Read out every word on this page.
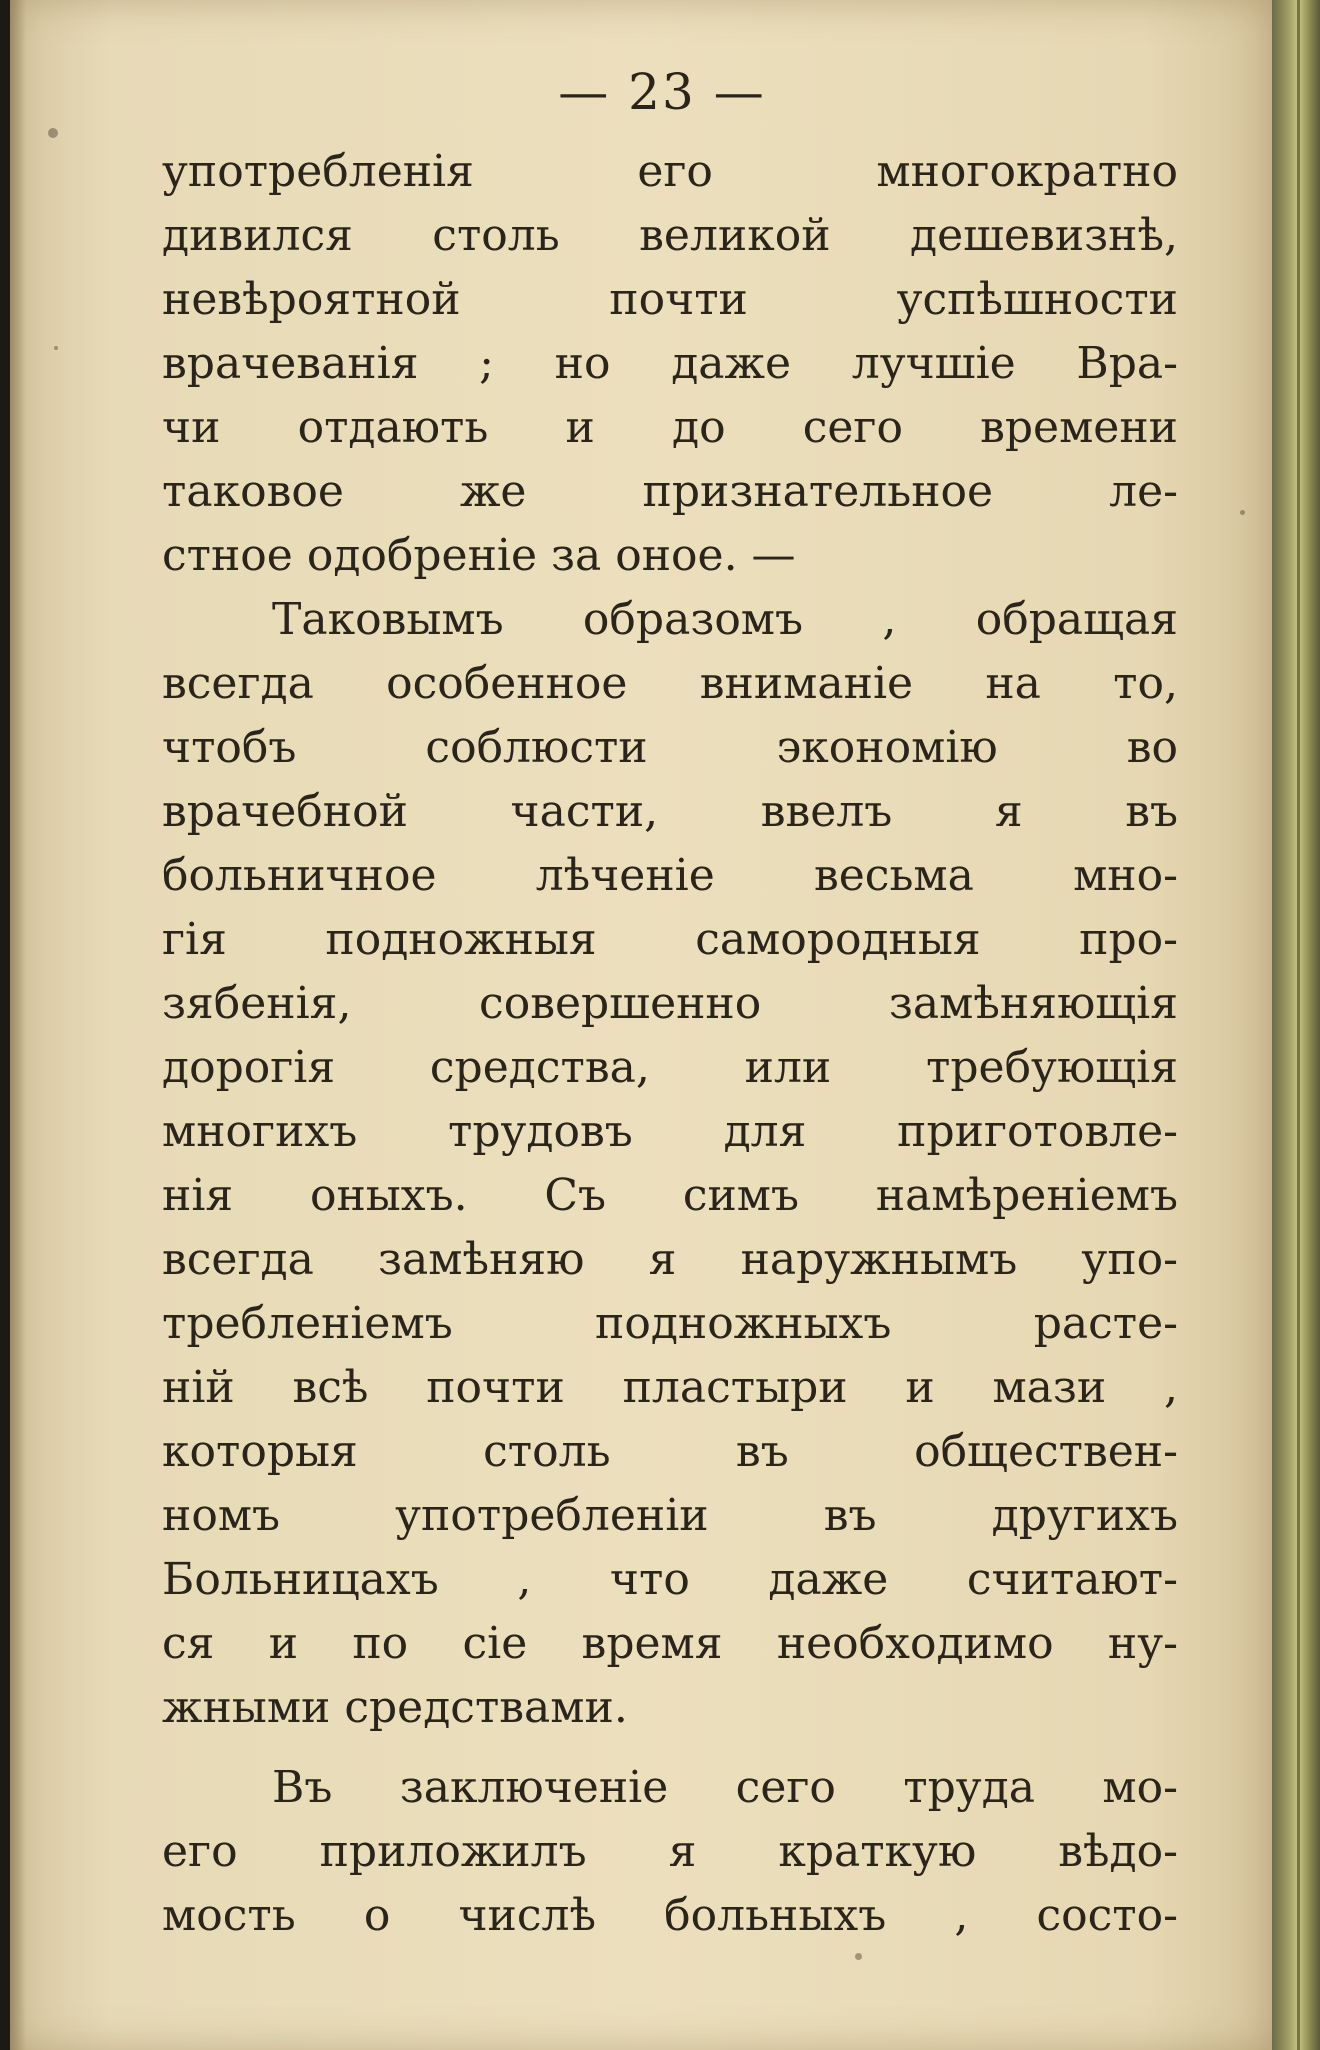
— 23 —
употребленія его многократно
дивился столь великой дешевизнѣ,
невѣроятной почти успѣшности
врачеванія ; но даже лучшіе Вра-
чи отдають и до сего времени
таковое же признательное ле-
стное одобреніе за оное. —
Таковымъ образомъ , обращая
всегда особенное вниманіе на то,
чтобъ соблюсти экономію во
врачебной части, ввелъ я въ
больничное лѣченіе весьма мно-
гія подножныя самородныя про-
зябенія, совершенно замѣняющія
дорогія средства, или требующія
многихъ трудовъ для приготовле-
нія оныхъ. Съ симъ намѣреніемъ
всегда замѣняю я наружнымъ упо-
требленіемъ подножныхъ расте-
ній всѣ почти пластыри и мази ,
которыя столь въ обществен-
номъ употребленіи въ другихъ
Больницахъ , что даже считают-
ся и по сіе время необходимо ну-
жными средствами.
Въ заключеніе сего труда мо-
его приложилъ я краткую вѣдо-
мость о числѣ больныхъ , состо-
